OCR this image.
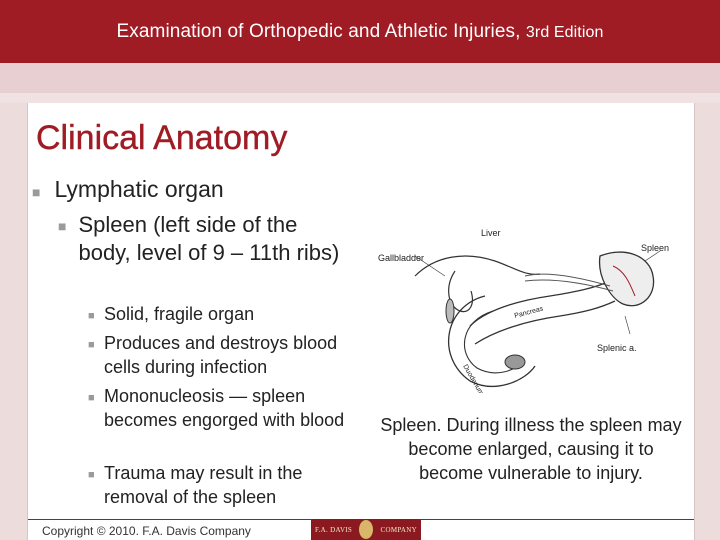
Examination of Orthopedic and Athletic Injuries, 3rd Edition
Clinical Anatomy
■ Lymphatic organ
■ Spleen (left side of the body, level of 9 – 11th ribs)
■ Solid, fragile organ
■ Produces and destroys blood cells during infection
■ Mononucleosis — spleen becomes engorged with blood
■ Trauma may result in the removal of the spleen
Liver
Spleen
Gallbladder
Pancreas
Splenic a.
Duodenum
Spleen. During illness the spleen may become enlarged, causing it to become vulnerable to injury.
Copyright © 2010. F.A. Davis Company	F.A. DAVIS	COMPANY
